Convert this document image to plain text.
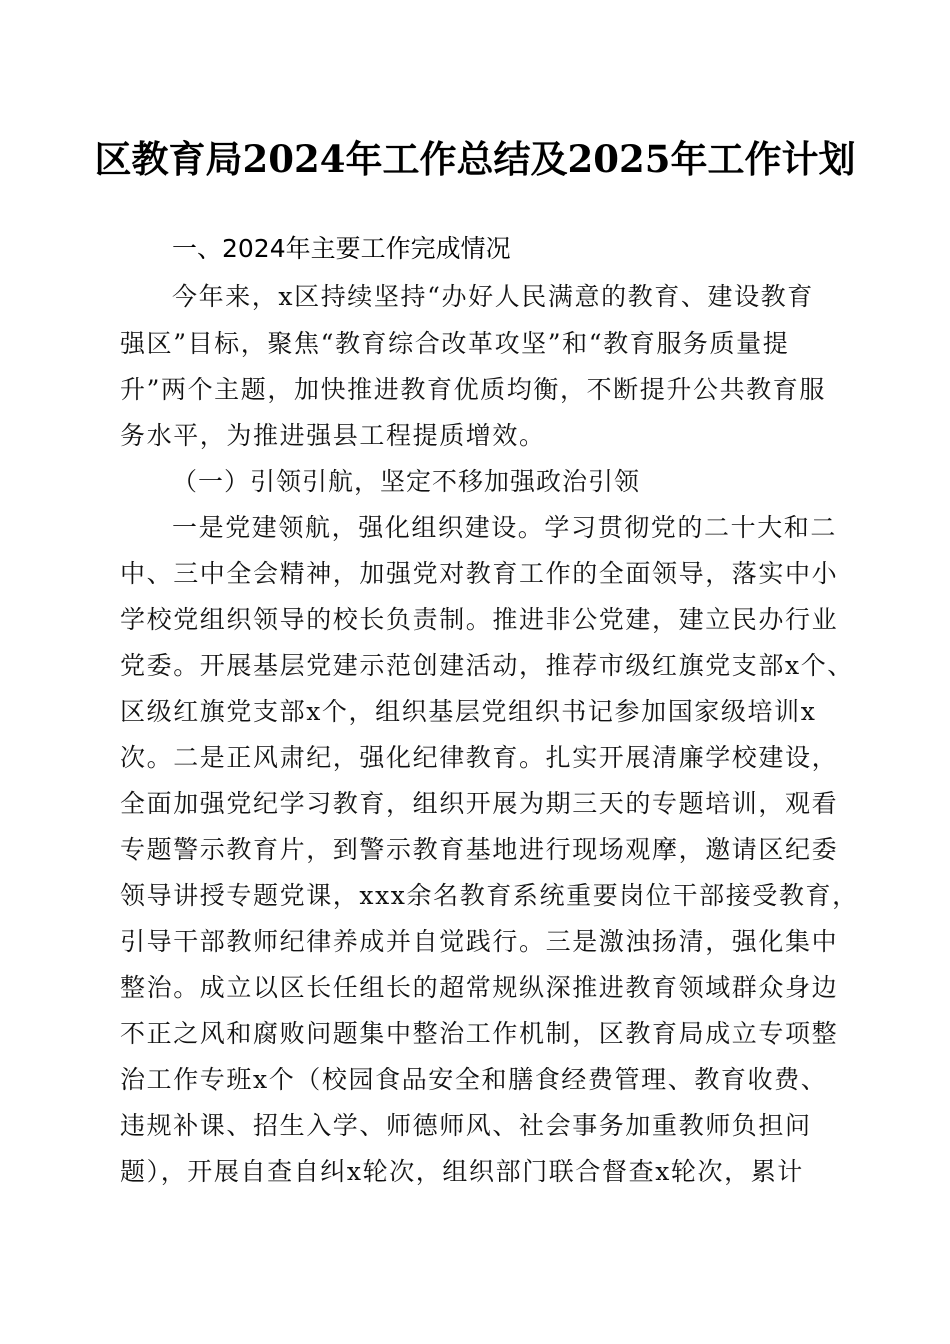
区教育局2024年工作总结及2025年工作计划
一、2024年主要工作完成情况
今年来，x区持续坚持“办好人民满意的教育、建设教育
强区”目标，聚焦“教育综合改革攻坚”和“教育服务质量提
升”两个主题，加快推进教育优质均衡，不断提升公共教育服
务水平，为推进强县工程提质增效。
（一）引领引航，坚定不移加强政治引领
一是党建领航，强化组织建设。学习贯彻党的二十大和二
中、三中全会精神，加强党对教育工作的全面领导，落实中小
学校党组织领导的校长负责制。推进非公党建，建立民办行业
党委。开展基层党建示范创建活动，推荐市级红旗党支部x个、
区级红旗党支部x个，组织基层党组织书记参加国家级培训x
次。二是正风肃纪，强化纪律教育。扎实开展清廉学校建设，
全面加强党纪学习教育，组织开展为期三天的专题培训，观看
专题警示教育片，到警示教育基地进行现场观摩，邀请区纪委
领导讲授专题党课，xxx余名教育系统重要岗位干部接受教育，
引导干部教师纪律养成并自觉践行。三是激浊扬清，强化集中
整治。成立以区长任组长的超常规纵深推进教育领域群众身边
不正之风和腐败问题集中整治工作机制，区教育局成立专项整
治工作专班x个（校园食品安全和膳食经费管理、教育收费、
违规补课、招生入学、师德师风、社会事务加重教师负担问
题），开展自查自纠x轮次，组织部门联合督查x轮次，累计
